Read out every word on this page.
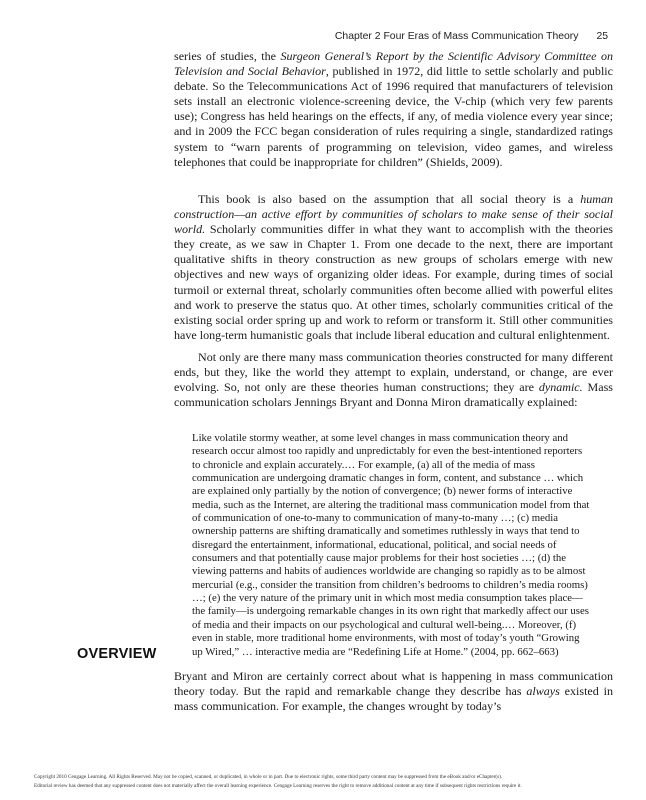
Chapter 2 Four Eras of Mass Communication Theory 25

series of studies, the Surgeon General’s Report by the Scientific Advisory Committee on Television and Social Behavior, published in 1972, did little to settle scholarly and public debate. So the Telecommunications Act of 1996 required that manufacturers of television sets install an electronic violence-screening device, the V-chip (which very few parents use); Congress has held hearings on the effects, if any, of media violence every year since; and in 2009 the FCC began consideration of rules requiring a single, standardized ratings system to “warn parents of programming on television, video games, and wireless telephones that could be inappropriate for children” (Shields, 2009).

This book is also based on the assumption that all social theory is a human construction—an active effort by communities of scholars to make sense of their social world. Scholarly communities differ in what they want to accomplish with the theories they create, as we saw in Chapter 1. From one decade to the next, there are important qualitative shifts in theory construction as new groups of scholars emerge with new objectives and new ways of organizing older ideas. For example, during times of social turmoil or external threat, scholarly communities often become allied with powerful elites and work to preserve the status quo. At other times, scholarly communities critical of the existing social order spring up and work to reform or transform it. Still other communities have long-term humanistic goals that include liberal education and cultural enlightenment.

Not only are there many mass communication theories constructed for many different ends, but they, like the world they attempt to explain, understand, or change, are ever evolving. So, not only are these theories human constructions; they are dynamic. Mass communication scholars Jennings Bryant and Donna Miron dramatically explained:

Like volatile stormy weather, at some level changes in mass communication theory and research occur almost too rapidly and unpredictably for even the best-intentioned reporters to chronicle and explain accurately.… For example, (a) all of the media of mass communication are undergoing dramatic changes in form, content, and substance … which are explained only partially by the notion of convergence; (b) newer forms of interactive media, such as the Internet, are altering the traditional mass communication model from that of communication of one-to-many to communication of many-to-many …; (c) media ownership patterns are shifting dramatically and sometimes ruthlessly in ways that tend to disregard the entertainment, informational, educational, political, and social needs of consumers and that potentially cause major problems for their host societies …; (d) the viewing patterns and habits of audiences worldwide are changing so rapidly as to be almost mercurial (e.g., consider the transition from children’s bedrooms to children’s media rooms) …; (e) the very nature of the primary unit in which most media consumption takes place—the family—is undergoing remarkable changes in its own right that markedly affect our uses of media and their impacts on our psychological and cultural well-being.… Moreover, (f) even in stable, more traditional home environments, with most of today’s youth “Growing up Wired,” … interactive media are “Redefining Life at Home.” (2004, pp. 662–663)
OVERVIEW

Bryant and Miron are certainly correct about what is happening in mass communication theory today. But the rapid and remarkable change they describe has always existed in mass communication. For example, the changes wrought by today’s

Copyright 2010 Cengage Learning. All Rights Reserved. May not be copied, scanned, or duplicated, in whole or in part. Due to electronic rights, some third party content may be suppressed from the eBook and/or eChapter(s).
Editorial review has deemed that any suppressed content does not materially affect the overall learning experience. Cengage Learning reserves the right to remove additional content at any time if subsequent rights restrictions require it.
